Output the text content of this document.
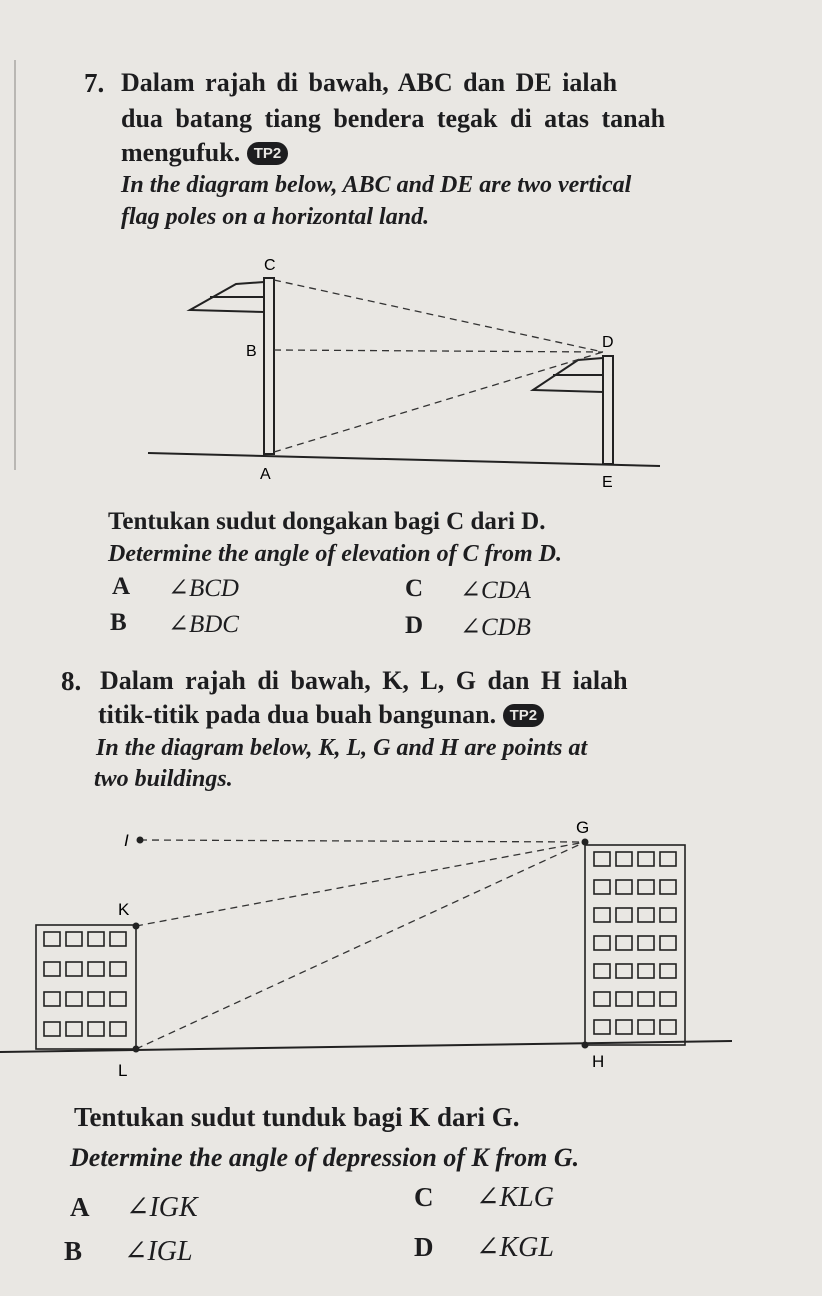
7. Dalam rajah di bawah, ABC dan DE ialah
dua batang tiang bendera tegak di atas tanah
mengufuk. TP2
In the diagram below, ABC and DE are two vertical
flag poles on a horizontal land.
C
B
A
D
E
Tentukan sudut dongakan bagi C dari D.
Determine the angle of elevation of C from D.
A ∠BCD
B ∠BDC
C ∠CDA
D ∠CDB
8. Dalam rajah di bawah, K, L, G dan H ialah
titik-titik pada dua buah bangunan. TP2
In the diagram below, K, L, G and H are points at
two buildings.
I
G
K
L	H
Tentukan sudut tunduk bagi K dari G.
Determine the angle of depression of K from G.
A ∠IGK
B ∠IGL
C ∠KLG
D ∠KGL
